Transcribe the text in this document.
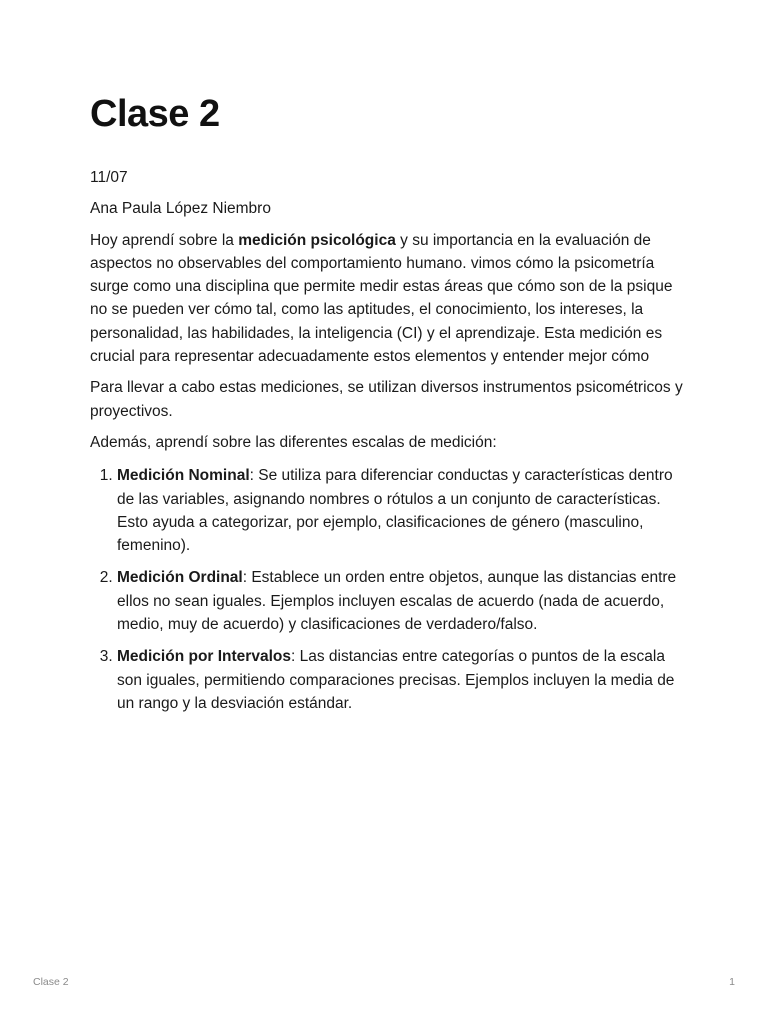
Clase 2

11/07

Ana Paula López Niembro

Hoy aprendí sobre la medición psicológica y su importancia en la evaluación de aspectos no observables del comportamiento humano. vimos cómo la psicometría surge como una disciplina que permite medir estas áreas que cómo son de la psique no se pueden ver cómo tal, como las aptitudes, el conocimiento, los intereses, la personalidad, las habilidades, la inteligencia (CI) y el aprendizaje. Esta medición es crucial para representar adecuadamente estos elementos y entender mejor cómo

Para llevar a cabo estas mediciones, se utilizan diversos instrumentos psicométricos y proyectivos.

Además, aprendí sobre las diferentes escalas de medición:

1. Medición Nominal: Se utiliza para diferenciar conductas y características dentro de las variables, asignando nombres o rótulos a un conjunto de características. Esto ayuda a categorizar, por ejemplo, clasificaciones de género (masculino, femenino).
2. Medición Ordinal: Establece un orden entre objetos, aunque las distancias entre ellos no sean iguales. Ejemplos incluyen escalas de acuerdo (nada de acuerdo, medio, muy de acuerdo) y clasificaciones de verdadero/falso.
3. Medición por Intervalos: Las distancias entre categorías o puntos de la escala son iguales, permitiendo comparaciones precisas. Ejemplos incluyen la media de un rango y la desviación estándar.
Clase 2	1
